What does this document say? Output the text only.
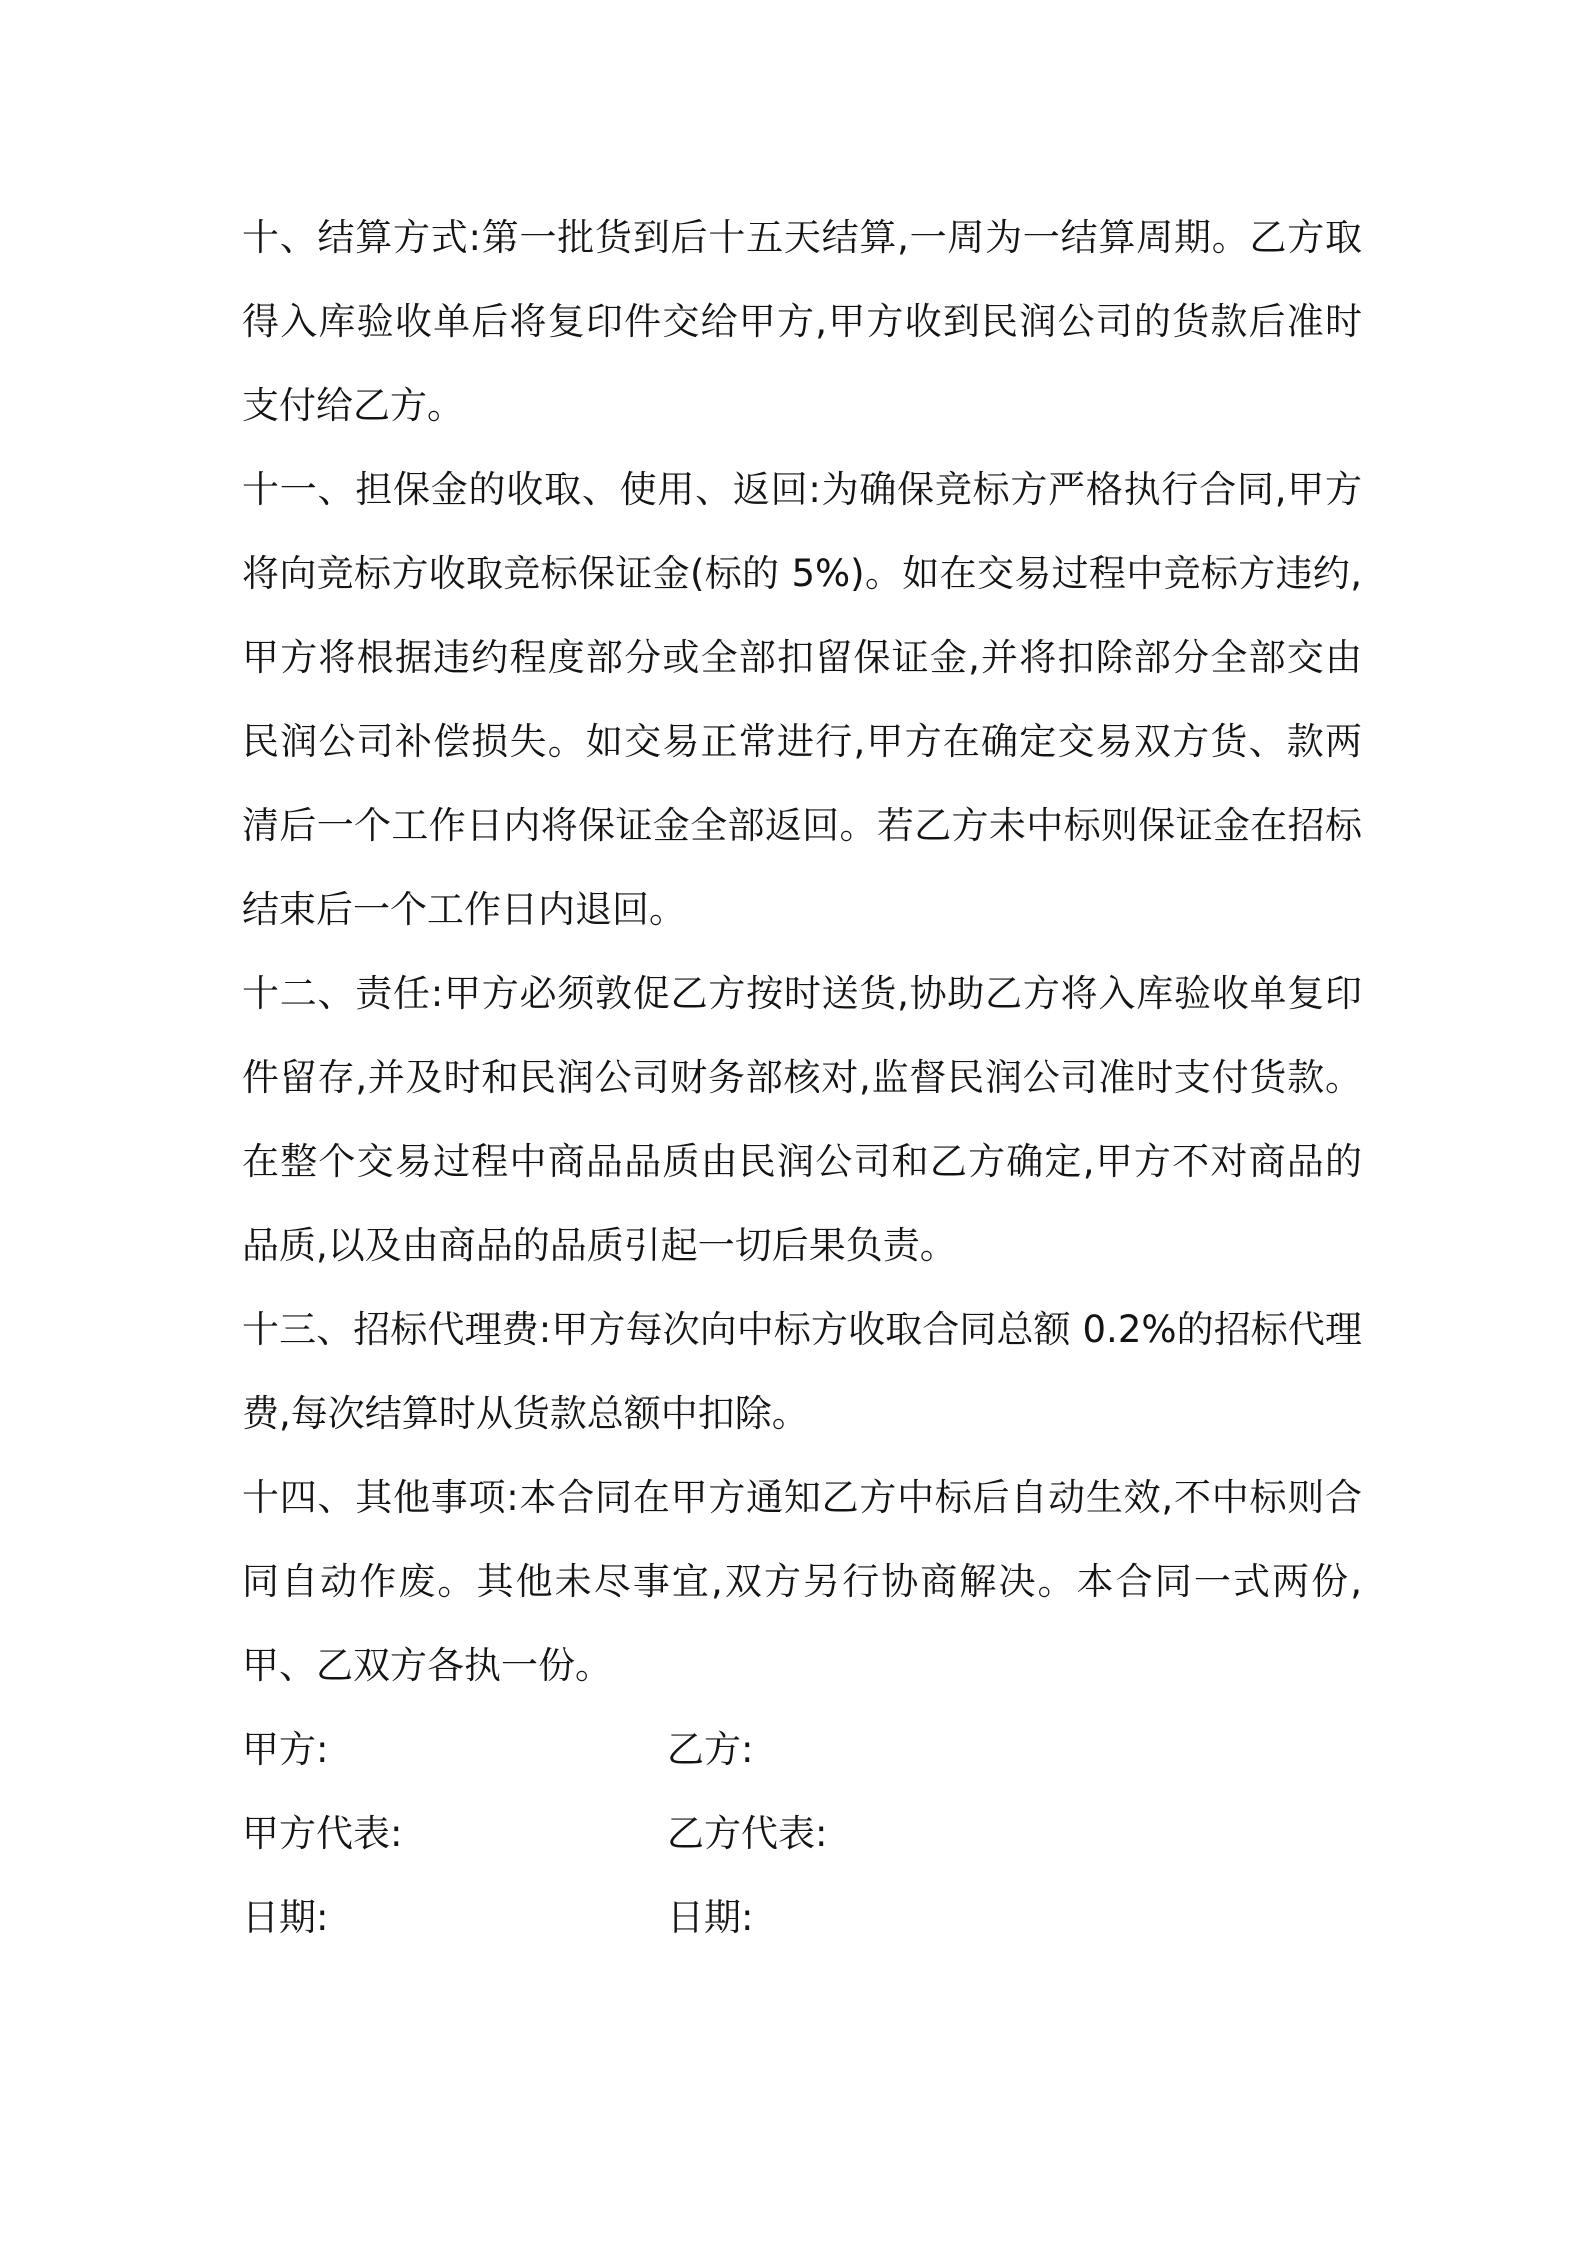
十、结算方式:第一批货到后十五天结算,一周为一结算周期。乙方取得入库验收单后将复印件交给甲方,甲方收到民润公司的货款后准时支付给乙方。

十一、担保金的收取、使用、返回:为确保竞标方严格执行合同,甲方将向竞标方收取竞标保证金(标的 5%)。如在交易过程中竞标方违约,甲方将根据违约程度部分或全部扣留保证金,并将扣除部分全部交由民润公司补偿损失。如交易正常进行,甲方在确定交易双方货、款两清后一个工作日内将保证金全部返回。若乙方未中标则保证金在招标结束后一个工作日内退回。

十二、责任:甲方必须敦促乙方按时送货,协助乙方将入库验收单复印件留存,并及时和民润公司财务部核对,监督民润公司准时支付货款。在整个交易过程中商品品质由民润公司和乙方确定,甲方不对商品的品质,以及由商品的品质引起一切后果负责。

十三、招标代理费:甲方每次向中标方收取合同总额 0.2%的招标代理费,每次结算时从货款总额中扣除。

十四、其他事项:本合同在甲方通知乙方中标后自动生效,不中标则合同自动作废。其他未尽事宜,双方另行协商解决。本合同一式两份,甲、乙双方各执一份。

甲方:	乙方:
甲方代表:	乙方代表:
日期:	日期:
